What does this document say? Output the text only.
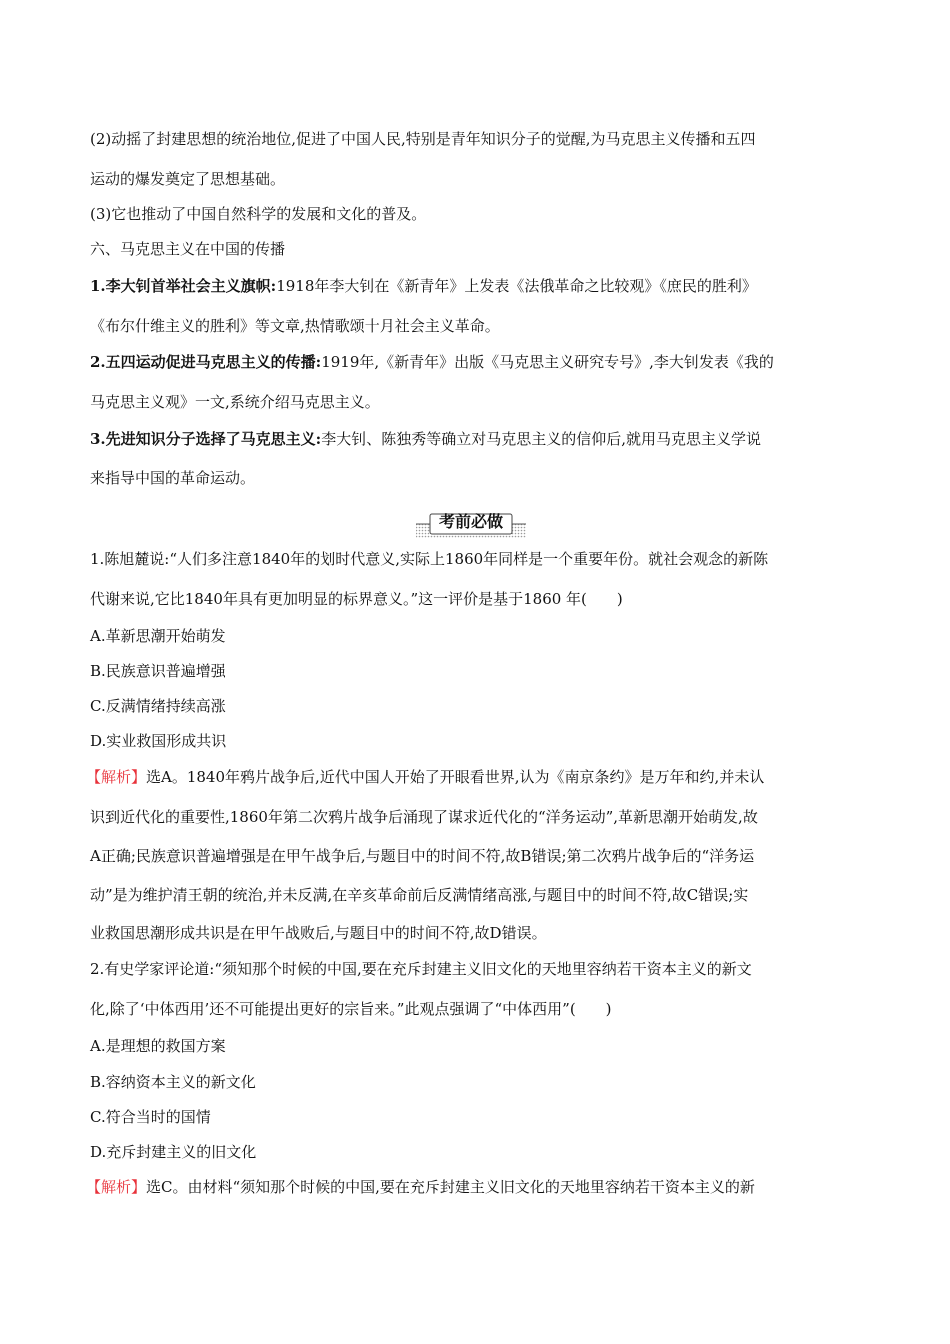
(2)动摇了封建思想的统治地位,促进了中国人民,特别是青年知识分子的觉醒,为马克思主义传播和五四
运动的爆发奠定了思想基础。
(3)它也推动了中国自然科学的发展和文化的普及。
六、马克思主义在中国的传播
1.李大钊首举社会主义旗帜:1918年李大钊在《新青年》上发表《法俄革命之比较观》《庶民的胜利》
《布尔什维主义的胜利》等文章,热情歌颂十月社会主义革命。
2.五四运动促进马克思主义的传播:1919年,《新青年》出版《马克思主义研究专号》,李大钊发表《我的
马克思主义观》一文,系统介绍马克思主义。
3.先进知识分子选择了马克思主义:李大钊、陈独秀等确立对马克思主义的信仰后,就用马克思主义学说
来指导中国的革命运动。
考前必做
1.陈旭麓说:“人们多注意1840年的划时代意义,实际上1860年同样是一个重要年份。就社会观念的新陈
代谢来说,它比1840年具有更加明显的标界意义。”这一评价是基于1860 年(　　)
A.革新思潮开始萌发
B.民族意识普遍增强
C.反满情绪持续高涨
D.实业救国形成共识
【解析】选A。1840年鸦片战争后,近代中国人开始了开眼看世界,认为《南京条约》是万年和约,并未认
识到近代化的重要性,1860年第二次鸦片战争后涌现了谋求近代化的“洋务运动”,革新思潮开始萌发,故
A正确;民族意识普遍增强是在甲午战争后,与题目中的时间不符,故B错误;第二次鸦片战争后的“洋务运
动”是为维护清王朝的统治,并未反满,在辛亥革命前后反满情绪高涨,与题目中的时间不符,故C错误;实
业救国思潮形成共识是在甲午战败后,与题目中的时间不符,故D错误。
2.有史学家评论道:“须知那个时候的中国,要在充斥封建主义旧文化的天地里容纳若干资本主义的新文
化,除了‘中体西用’还不可能提出更好的宗旨来。”此观点强调了“中体西用”(　　)
A.是理想的救国方案
B.容纳资本主义的新文化
C.符合当时的国情
D.充斥封建主义的旧文化
【解析】选C。由材料“须知那个时候的中国,要在充斥封建主义旧文化的天地里容纳若干资本主义的新
